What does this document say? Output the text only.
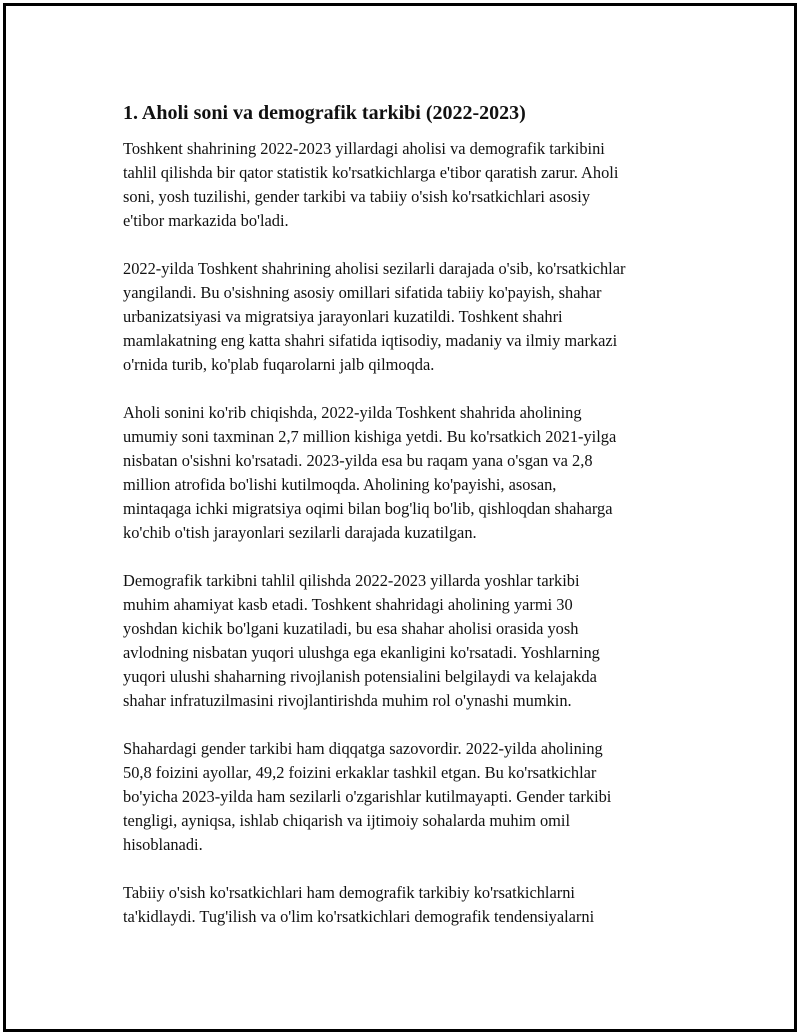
1. Aholi soni va demografik tarkibi (2022-2023)

Toshkent shahrining 2022-2023 yillardagi aholisi va demografik tarkibini
tahlil qilishda bir qator statistik ko'rsatkichlarga e'tibor qaratish zarur. Aholi
soni, yosh tuzilishi, gender tarkibi va tabiiy o'sish ko'rsatkichlari asosiy
e'tibor markazida bo'ladi.

2022-yilda Toshkent shahrining aholisi sezilarli darajada o'sib, ko'rsatkichlar
yangilandi. Bu o'sishning asosiy omillari sifatida tabiiy ko'payish, shahar
urbanizatsiyasi va migratsiya jarayonlari kuzatildi. Toshkent shahri
mamlakatning eng katta shahri sifatida iqtisodiy, madaniy va ilmiy markazi
o'rnida turib, ko'plab fuqarolarni jalb qilmoqda.

Aholi sonini ko'rib chiqishda, 2022-yilda Toshkent shahrida aholining
umumiy soni taxminan 2,7 million kishiga yetdi. Bu ko'rsatkich 2021-yilga
nisbatan o'sishni ko'rsatadi. 2023-yilda esa bu raqam yana o'sgan va 2,8
million atrofida bo'lishi kutilmoqda. Aholining ko'payishi, asosan,
mintaqaga ichki migratsiya oqimi bilan bog'liq bo'lib, qishloqdan shaharga
ko'chib o'tish jarayonlari sezilarli darajada kuzatilgan.

Demografik tarkibni tahlil qilishda 2022-2023 yillarda yoshlar tarkibi
muhim ahamiyat kasb etadi. Toshkent shahridagi aholining yarmi 30
yoshdan kichik bo'lgani kuzatiladi, bu esa shahar aholisi orasida yosh
avlodning nisbatan yuqori ulushga ega ekanligini ko'rsatadi. Yoshlarning
yuqori ulushi shaharning rivojlanish potensialini belgilaydi va kelajakda
shahar infratuzilmasini rivojlantirishda muhim rol o'ynashi mumkin.

Shahardagi gender tarkibi ham diqqatga sazovordir. 2022-yilda aholining
50,8 foizini ayollar, 49,2 foizini erkaklar tashkil etgan. Bu ko'rsatkichlar
bo'yicha 2023-yilda ham sezilarli o'zgarishlar kutilmayapti. Gender tarkibi
tengligi, ayniqsa, ishlab chiqarish va ijtimoiy sohalarda muhim omil
hisoblanadi.

Tabiiy o'sish ko'rsatkichlari ham demografik tarkibiy ko'rsatkichlarni
ta'kidlaydi. Tug'ilish va o'lim ko'rsatkichlari demografik tendensiyalarni
